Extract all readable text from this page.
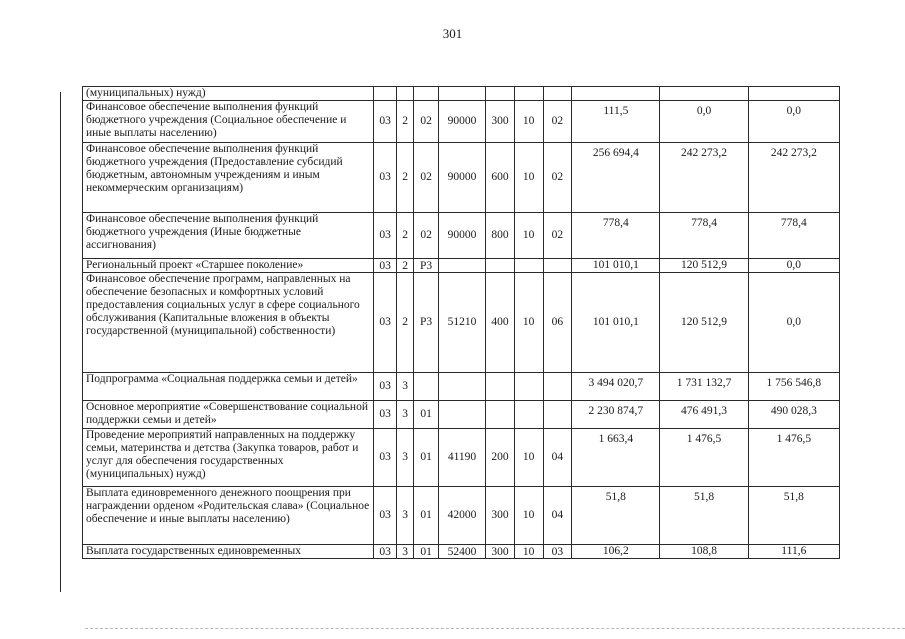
301
(муниципальных) нужд)										
Финансовое обеспечение выполнения функций бюджетного учреждения (Социальное обеспечение и иные выплаты населению)	03	2	02	90000	300	10	02	111,5	0,0	0,0
Финансовое обеспечение выполнения функций бюджетного учреждения (Предоставление субсидий бюджетным, автономным учреждениям и иным некоммерческим организациям)	03	2	02	90000	600	10	02	256 694,4	242 273,2	242 273,2
Финансовое обеспечение выполнения функций бюджетного учреждения (Иные бюджетные ассигнования)	03	2	02	90000	800	10	02	778,4	778,4	778,4
Региональный проект «Старшее поколение»	03	2	Р3					101 010,1	120 512,9	0,0
Финансовое обеспечение программ, направленных на обеспечение безопасных и комфортных условий предоставления социальных услуг в сфере социального обслуживания (Капитальные вложения в объекты государственной (муниципальной) собственности)	03	2	Р3	51210	400	10	06	101 010,1	120 512,9	0,0
Подпрограмма «Социальная поддержка семьи и детей»	03	3						3 494 020,7	1 731 132,7	1 756 546,8
Основное мероприятие «Совершенствование социальной поддержки семьи и детей»	03	3	01					2 230 874,7	476 491,3	490 028,3
Проведение мероприятий направленных на поддержку семьи, материнства и детства (Закупка товаров, работ и услуг для обеспечения государственных (муниципальных) нужд)	03	3	01	41190	200	10	04	1 663,4	1 476,5	1 476,5
Выплата единовременного денежного поощрения при награждении орденом «Родительская слава» (Социальное обеспечение и иные выплаты населению)	03	3	01	42000	300	10	04	51,8	51,8	51,8
Выплата государственных единовременных	03	3	01	52400	300	10	03	106,2	108,8	111,6
